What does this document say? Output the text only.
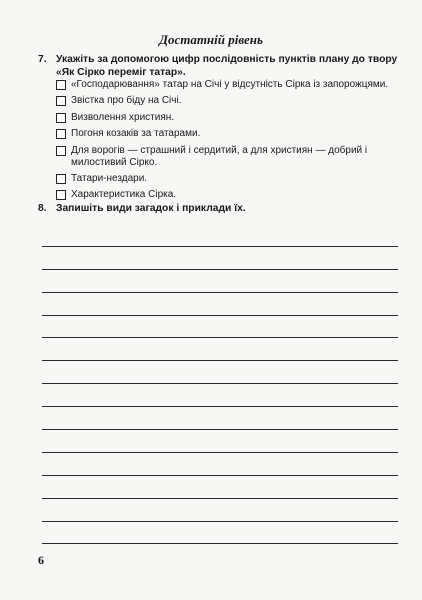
Достатній рівень
7. Укажіть за допомогою цифр послідовність пунктів плану до твору «Як Сірко переміг татар».
«Господарювання» татар на Січі у відсутність Сірка із запорожцями.
Звістка про біду на Січі.
Визволення християн.
Погоня козаків за татарами.
Для ворогів — страшний і сердитий, а для християн — добрий і милостивий Сірко.
Татари-нездари.
Характеристика Сірка.
8. Запишіть види загадок і приклади їх.
6
